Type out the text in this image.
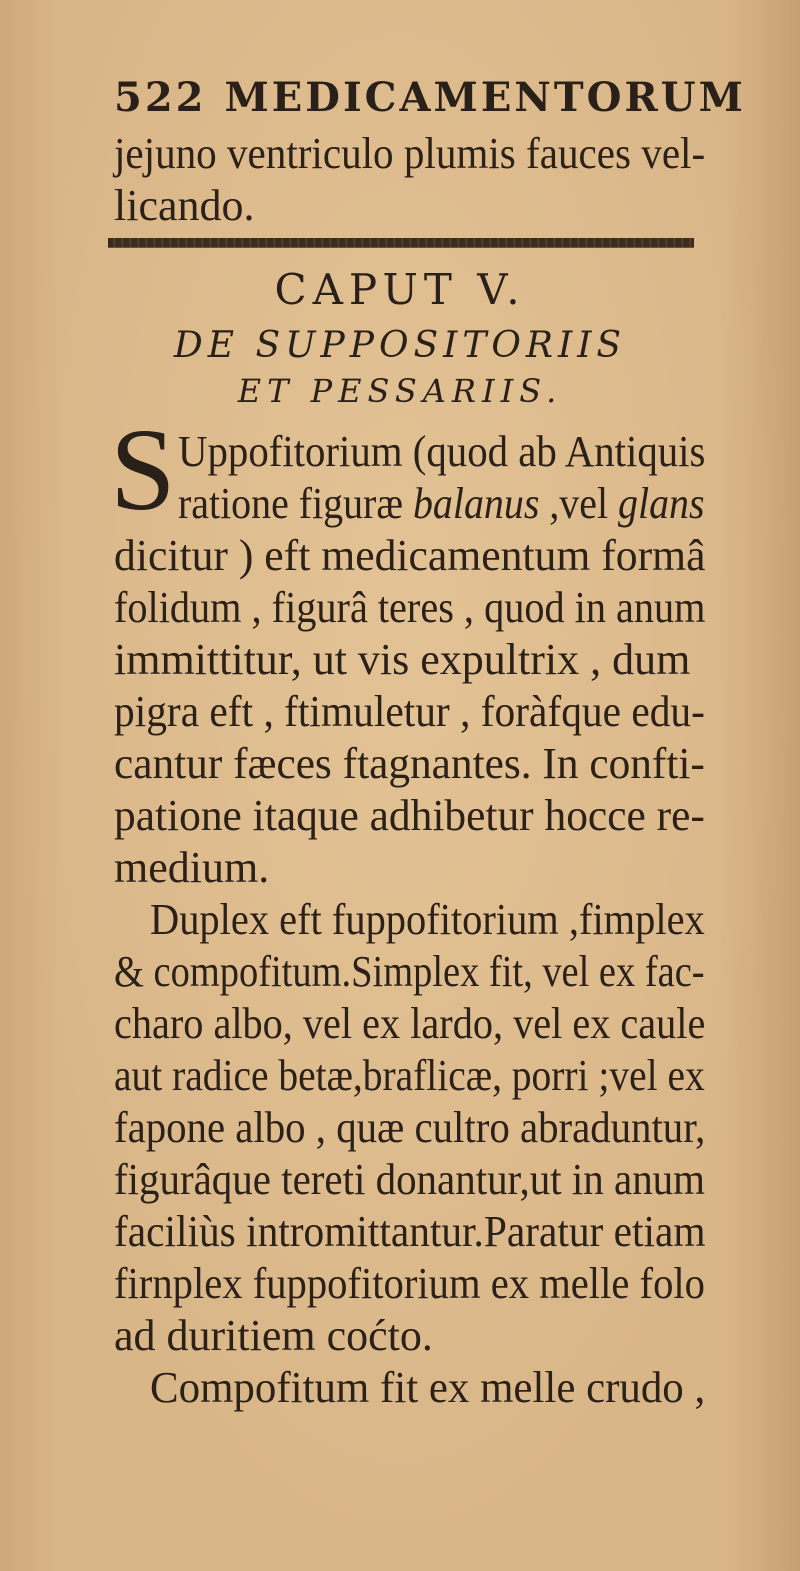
522 MEDICAMENTORUM
jejuno ventriculo plumis fauces vel-
licando.
CAPUT V.
DE SUPPOSITORIIS
ET PESSARIIS.
S Uppofitorium (quod ab Antiquis
ratione figuræ balanus ,vel glans
dicitur ) eft medicamentum formâ
folidum , figurâ teres , quod in anum
immittitur, ut vis expultrix , dum
pigra eft , ftimuletur , foràfque edu-
cantur fæces ftagnantes. In confti-
patione itaque adhibetur hocce re-
medium.
Duplex eft fuppofitorium ,fimplex
& compofitum.Simplex fit, vel ex fac-
charo albo, vel ex lardo, vel ex caule
aut radice betæ,braflicæ, porri ;vel ex
fapone albo , quæ cultro abraduntur,
figurâque tereti donantur,ut in anum
faciliùs intromittantur.Paratur etiam
firnplex fuppofitorium ex melle folo
ad duritiem coćto.
Compofitum fit ex melle crudo ,
